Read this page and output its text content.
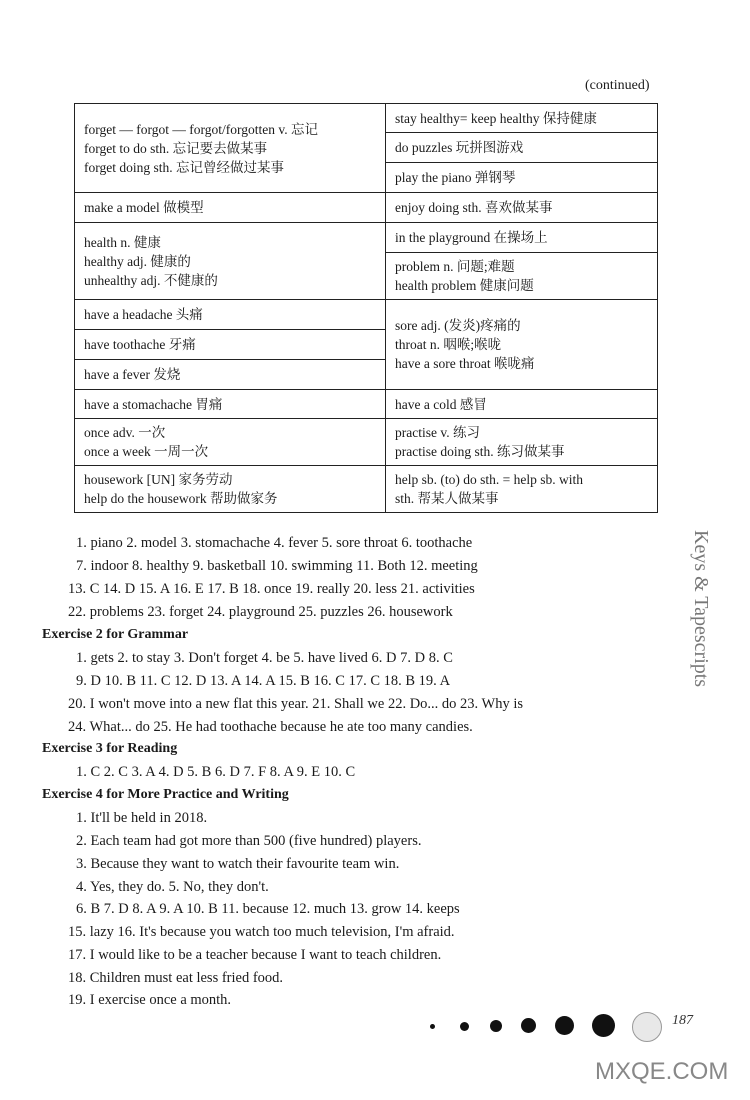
(continued)
forget — forgot — forgot/forgotten v. 忘记
forget to do sth. 忘记要去做某事
forget doing sth. 忘记曾经做过某事	stay healthy= keep healthy 保持健康

	do puzzles 玩拼图游戏

	play the piano 弹钢琴

make a model 做模型	enjoy doing sth. 喜欢做某事

health n. 健康
healthy adj. 健康的
unhealthy adj. 不健康的	in the playground 在操场上

	problem n. 问题;难题
health problem 健康问题

have a headache 头痛	sore adj. (发炎)疼痛的
throat n. 咽喉;喉咙
have a sore throat 喉咙痛

have toothache 牙痛	

have a fever 发烧	

have a stomachache 胃痛	have a cold 感冒

once adv. 一次
once a week 一周一次	practise v. 练习
practise doing sth. 练习做某事

housework [UN] 家务劳动
help do the housework 帮助做家务	help sb. (to) do sth. = help sb. with
sth. 帮某人做某事
1. piano 2. model 3. stomachache 4. fever 5. sore throat 6. toothache
7. indoor 8. healthy 9. basketball 10. swimming 11. Both 12. meeting
13. C 14. D 15. A 16. E 17. B 18. once 19. really 20. less 21. activities
22. problems 23. forget 24. playground 25. puzzles 26. housework
Exercise 2 for Grammar
1. gets 2. to stay 3. Don't forget 4. be 5. have lived 6. D 7. D 8. C
9. D 10. B 11. C 12. D 13. A 14. A 15. B 16. C 17. C 18. B 19. A
20. I won't move into a new flat this year. 21. Shall we 22. Do... do 23. Why is
24. What... do 25. He had toothache because he ate too many candies.
Exercise 3 for Reading
1. C 2. C 3. A 4. D 5. B 6. D 7. F 8. A 9. E 10. C
Exercise 4 for More Practice and Writing
1. It'll be held in 2018.
2. Each team had got more than 500 (five hundred) players.
3. Because they want to watch their favourite team win.
4. Yes, they do. 5. No, they don't.
6. B 7. D 8. A 9. A 10. B 11. because 12. much 13. grow 14. keeps
15. lazy 16. It's because you watch too much television, I'm afraid.
17. I would like to be a teacher because I want to teach children.
18. Children must eat less fried food.
19. I exercise once a month.
Keys & Tapescripts
187
MXQE.COM
